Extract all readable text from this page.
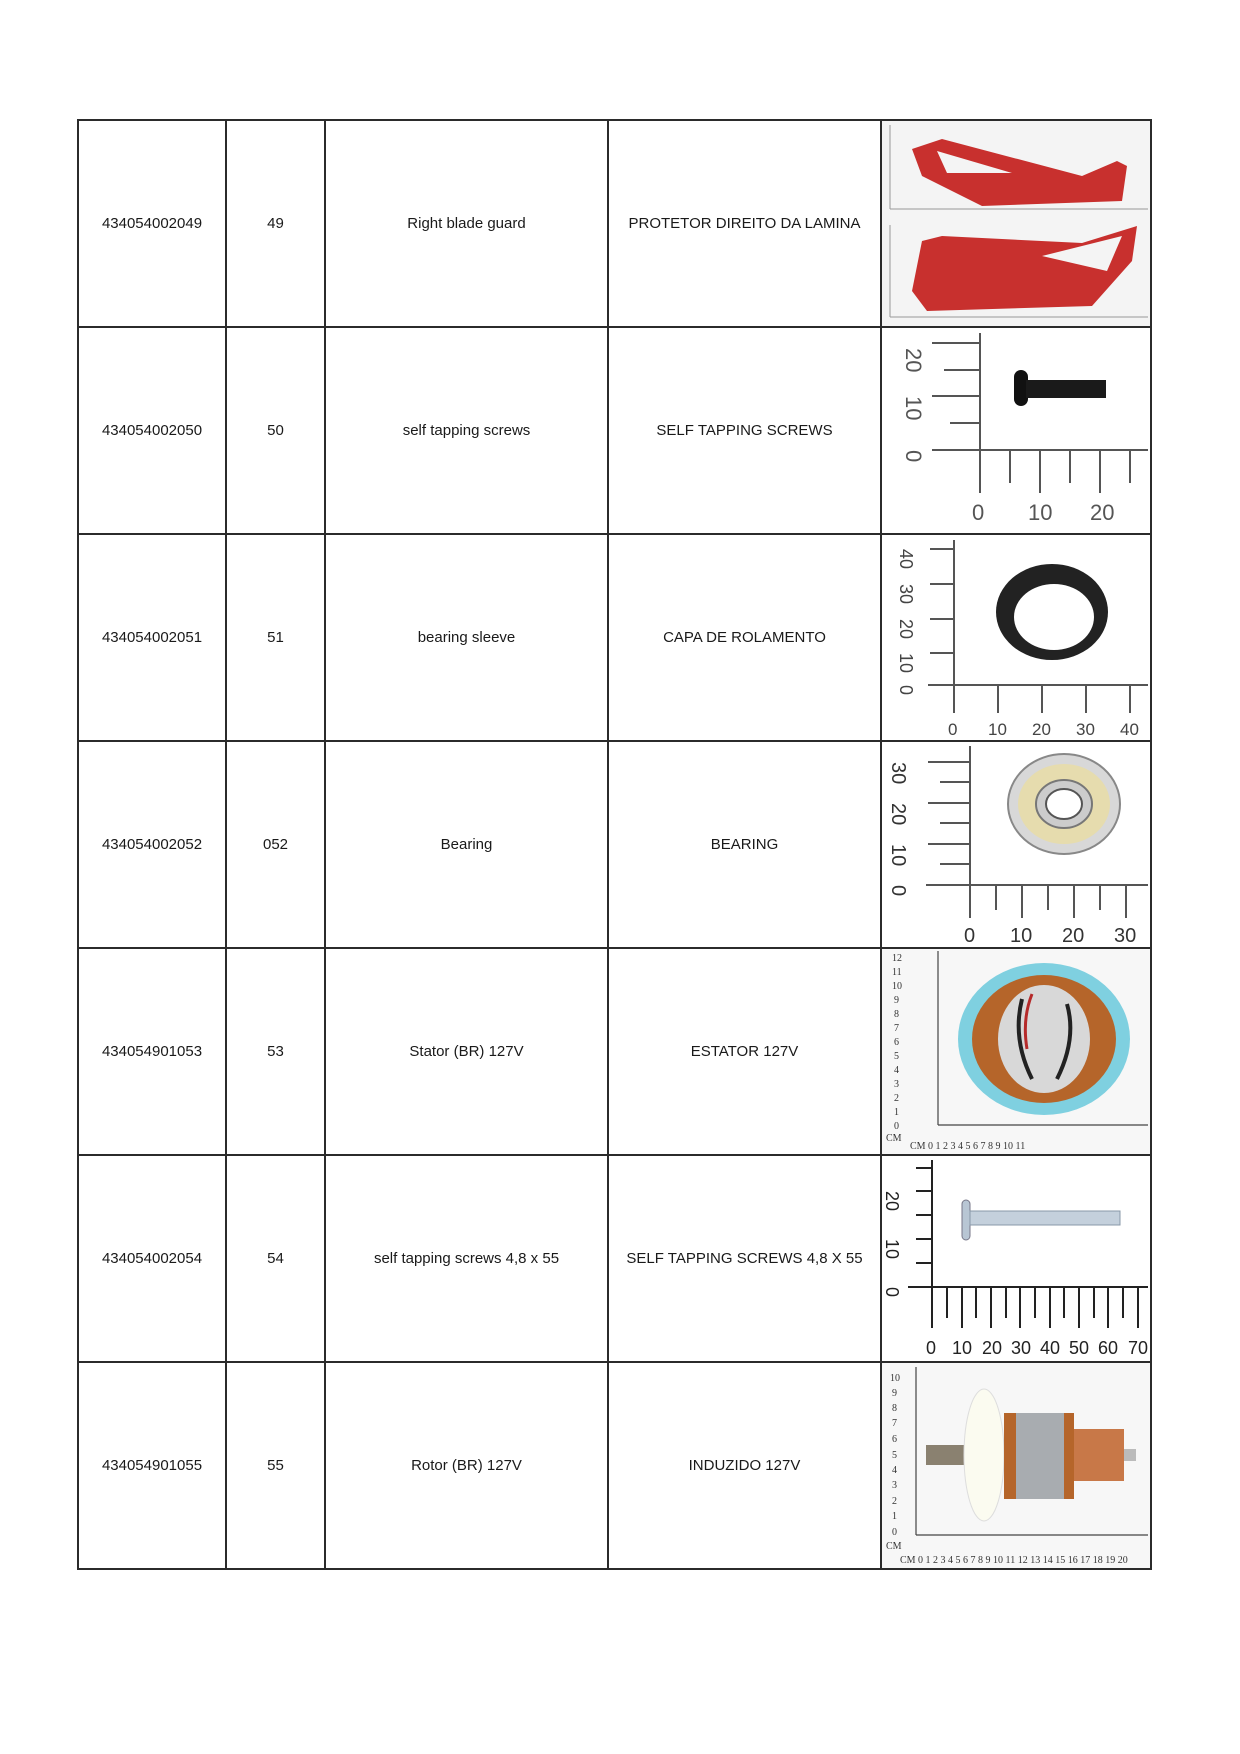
434054002049	49	Right blade guard	PROTETOR DIREITO DA LAMINA	

434054002050	50	self tapping screws	SELF TAPPING SCREWS	
20
10
0
0 10 20

434054002051	51	bearing sleeve	CAPA DE ROLAMENTO	
40
30
20
10
0
0 10 20 30 40

434054002052	052	Bearing	BEARING	
30
20
10
0
0 10 20 30

434054901053	53	Stator (BR) 127V	ESTATOR 127V	
12
11
10
9
8
7
6
5
4
3
2
1
0
CM
CM 0 1 2 3 4 5 6 7 8 9 10 11

434054002054	54	self tapping screws 4,8 x 55	SELF TAPPING SCREWS 4,8 X 55	
20
10
0
0 10 20 30 40 50 60 70

434054901055	55	Rotor (BR) 127V	INDUZIDO 127V	
10
9
8
7
6
5
4
3
2
1
0
CM
CM 0 1 2 3 4 5 6 7 8 9 10 11 12 13 14 15 16 17 18 19 20
